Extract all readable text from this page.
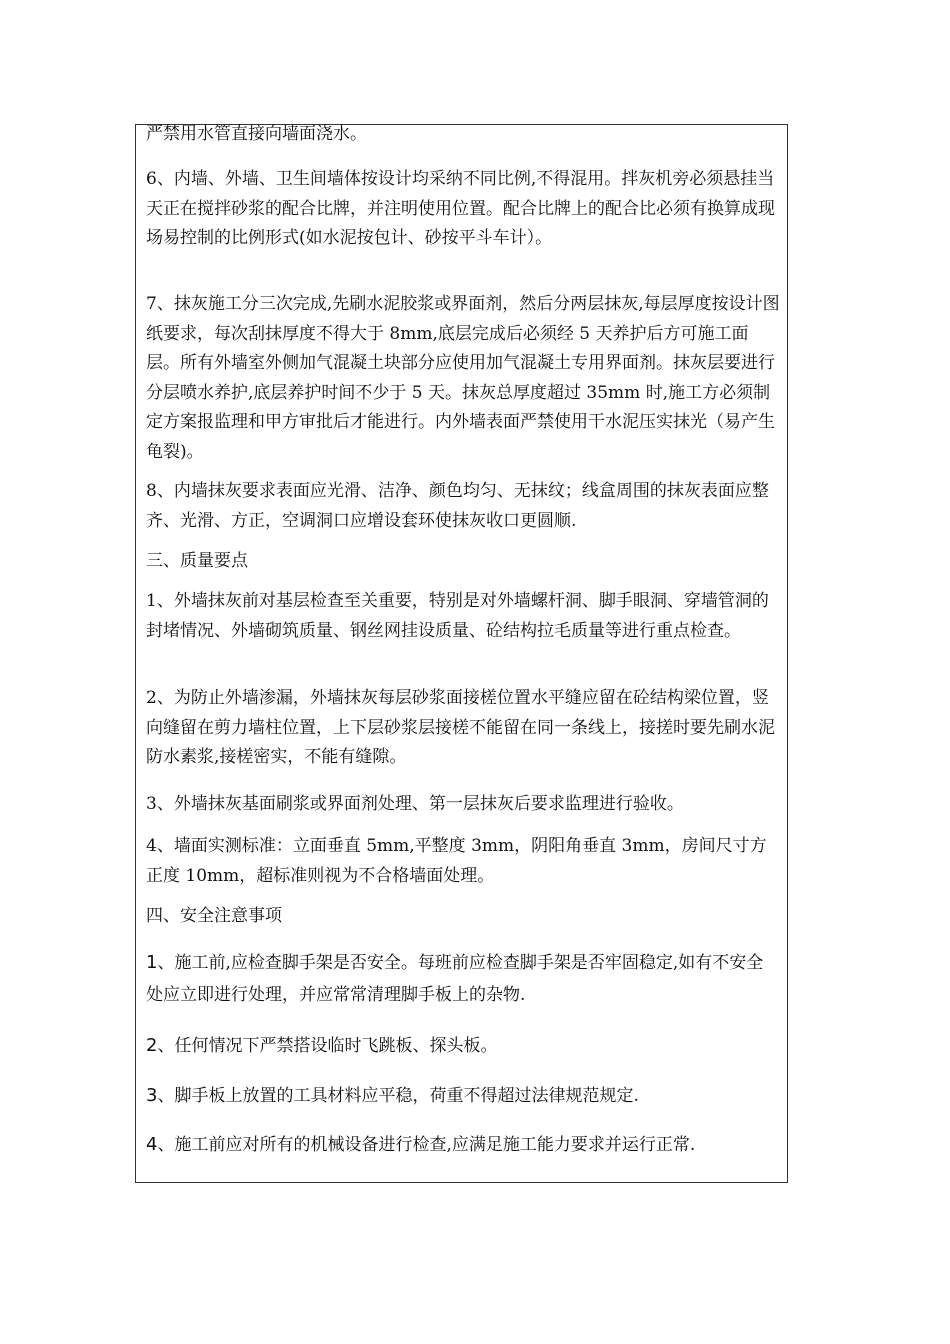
严禁用水管直接向墙面浇水。

6、内墙、外墙、卫生间墙体按设计均采纳不同比例,不得混用。拌灰机旁必须悬挂当天正在搅拌砂浆的配合比牌，并注明使用位置。配合比牌上的配合比必须有换算成现场易控制的比例形式(如水泥按包计、砂按平斗车计）。

7、抹灰施工分三次完成,先刷水泥胶浆或界面剂，然后分两层抹灰,每层厚度按设计图纸要求，每次刮抹厚度不得大于 8mm,底层完成后必须经 5 天养护后方可施工面层。所有外墙室外侧加气混凝土块部分应使用加气混凝土专用界面剂。抹灰层要进行分层喷水养护,底层养护时间不少于 5 天。抹灰总厚度超过 35mm 时,施工方必须制定方案报监理和甲方审批后才能进行。内外墙表面严禁使用干水泥压实抹光（易产生龟裂)。

8、内墙抹灰要求表面应光滑、洁净、颜色均匀、无抹纹；线盒周围的抹灰表面应整齐、光滑、方正，空调洞口应增设套环使抹灰收口更圆顺.

三、质量要点

1、外墙抹灰前对基层检查至关重要，特别是对外墙螺杆洞、脚手眼洞、穿墙管洞的封堵情况、外墙砌筑质量、钢丝网挂设质量、砼结构拉毛质量等进行重点检查。

2、为防止外墙渗漏，外墙抹灰每层砂浆面接槎位置水平缝应留在砼结构梁位置，竖向缝留在剪力墙柱位置，上下层砂浆层接槎不能留在同一条线上，接搓时要先刷水泥防水素浆,接槎密实，不能有缝隙。

3、外墙抹灰基面刷浆或界面剂处理、第一层抹灰后要求监理进行验收。

4、墙面实测标准：立面垂直 5mm,平整度 3mm，阴阳角垂直 3mm，房间尺寸方正度 10mm，超标准则视为不合格墙面处理。

四、安全注意事项

1、施工前,应检查脚手架是否安全。每班前应检查脚手架是否牢固稳定,如有不安全处应立即进行处理，并应常常清理脚手板上的杂物.

2、任何情况下严禁搭设临时飞跳板、探头板。

3、脚手板上放置的工具材料应平稳，荷重不得超过法律规范规定.

4、施工前应对所有的机械设备进行检查,应满足施工能力要求并运行正常.
